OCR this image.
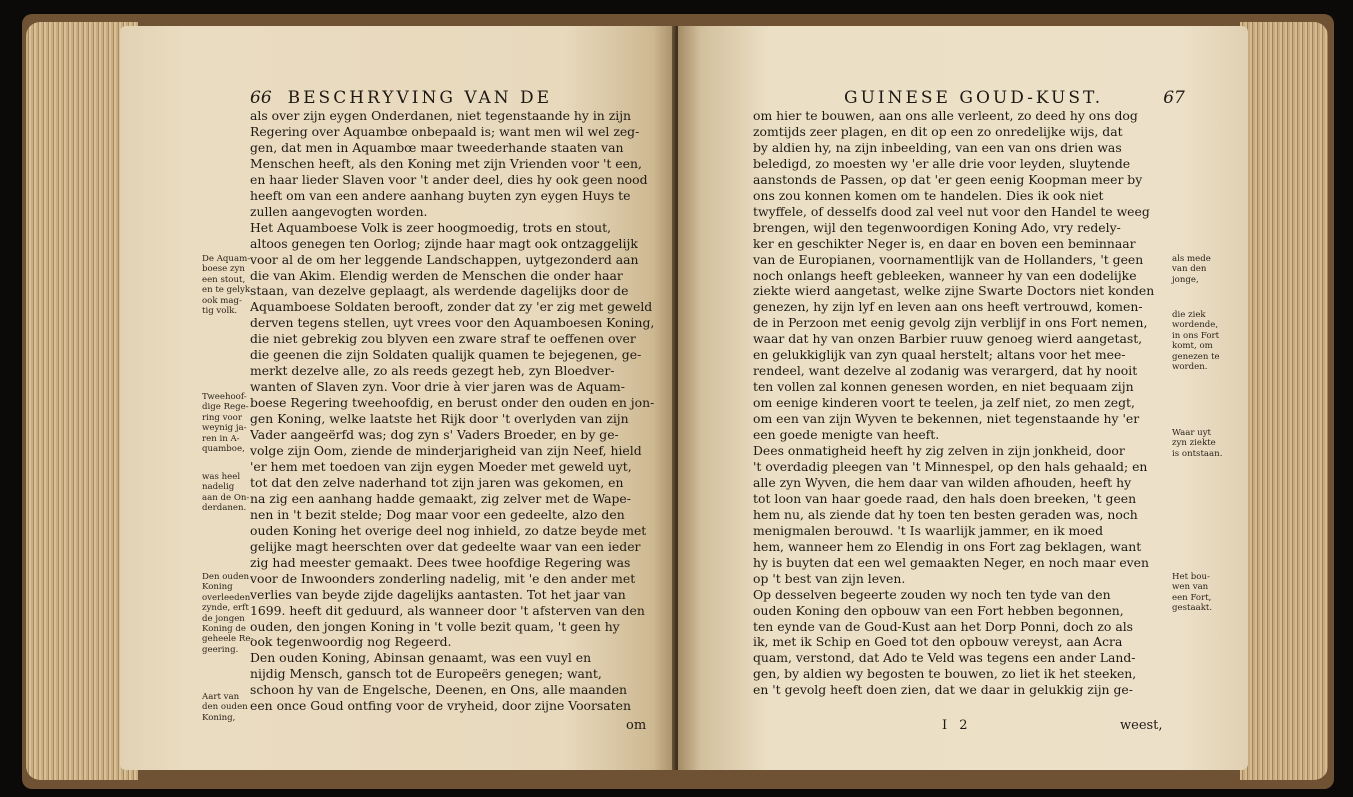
66 BESCHRYVING VAN DE
als over zijn eygen Onderdanen, niet tegenstaande hy in zijn
Regering over Aquambœ onbepaald is; want men wil wel zeg-
gen, dat men in Aquambœ maar tweederhande staaten van
Menschen heeft, als den Koning met zijn Vrienden voor 't een,
en haar lieder Slaven voor 't ander deel, dies hy ook geen nood
heeft om van een andere aanhang buyten zyn eygen Huys te
zullen aangevogten worden.
Het Aquamboese Volk is zeer hoogmoedig, trots en stout,
altoos genegen ten Oorlog; zijnde haar magt ook ontzaggelijk
voor al de om her leggende Landschappen, uytgezonderd aan
die van Akim. Elendig werden de Menschen die onder haar
staan, van dezelve geplaagt, als werdende dagelijks door de
Aquamboese Soldaten berooft, zonder dat zy 'er zig met geweld
derven tegens stellen, uyt vrees voor den Aquamboesen Koning,
die niet gebrekig zou blyven een zware straf te oeffenen over
die geenen die zijn Soldaten qualijk quamen te bejegenen, ge-
merkt dezelve alle, zo als reeds gezegt heb, zyn Bloedver-
wanten of Slaven zyn. Voor drie à vier jaren was de Aquam-
boese Regering tweehoofdig, en berust onder den ouden en jon-
gen Koning, welke laatste het Rijk door 't overlyden van zijn
Vader aangeërfd was; dog zyn s' Vaders Broeder, en by ge-
volge zijn Oom, ziende de minderjarigheid van zijn Neef, hield
'er hem met toedoen van zijn eygen Moeder met geweld uyt,
tot dat den zelve naderhand tot zijn jaren was gekomen, en
na zig een aanhang hadde gemaakt, zig zelver met de Wape-
nen in 't bezit stelde; Dog maar voor een gedeelte, alzo den
ouden Koning het overige deel nog inhield, zo datze beyde met
gelijke magt heerschten over dat gedeelte waar van een ieder
zig had meester gemaakt. Dees twee hoofdige Regering was
voor de Inwoonders zonderling nadelig, mit 'e den ander met
verlies van beyde zijde dagelijks aantasten. Tot het jaar van
1699. heeft dit geduurd, als wanneer door 't afsterven van den
ouden, den jongen Koning in 't volle bezit quam, 't geen hy
ook tegenwoordig nog Regeerd.
Den ouden Koning, Abinsan genaamt, was een vuyl en
nijdig Mensch, gansch tot de Europeërs genegen; want,
schoon hy van de Engelsche, Deenen, en Ons, alle maanden
een once Goud ontfing voor de vryheid, door zijne Voorsaten
om
De Aquam-
boese zyn
een stout,
en te gelyk
ook mag-
tig volk.
Tweehoof-
dige Rege-
ring voor
weynig ja-
ren in A-
quamboe,
was heel
nadelig
aan de On-
derdanen.
Den ouden
Koning
overleeden
zynde, erft
de jongen
Koning de
geheele Re-
geering.
Aart van
den ouden
Koning,
GUINESE GOUD-KUST.	67
om hier te bouwen, aan ons alle verleent, zo deed hy ons dog
zomtijds zeer plagen, en dit op een zo onredelijke wijs, dat
by aldien hy, na zijn inbeelding, van een van ons drien was
beledigd, zo moesten wy 'er alle drie voor leyden, sluytende
aanstonds de Passen, op dat 'er geen eenig Koopman meer by
ons zou konnen komen om te handelen. Dies ik ook niet
twyffele, of desselfs dood zal veel nut voor den Handel te weeg
brengen, wijl den tegenwoordigen Koning Ado, vry redely-
ker en geschikter Neger is, en daar en boven een beminnaar
van de Europianen, voornamentlijk van de Hollanders, 't geen
noch onlangs heeft gebleeken, wanneer hy van een dodelijke
ziekte wierd aangetast, welke zijne Swarte Doctors niet konden
genezen, hy zijn lyf en leven aan ons heeft vertrouwd, komen-
de in Perzoon met eenig gevolg zijn verblijf in ons Fort nemen,
waar dat hy van onzen Barbier ruuw genoeg wierd aangetast,
en gelukkiglijk van zyn quaal herstelt; altans voor het mee-
rendeel, want dezelve al zodanig was verargerd, dat hy nooit
ten vollen zal konnen genesen worden, en niet bequaam zijn
om eenige kinderen voort te teelen, ja zelf niet, zo men zegt,
om een van zijn Wyven te bekennen, niet tegenstaande hy 'er
een goede menigte van heeft.
Dees onmatigheid heeft hy zig zelven in zijn jonkheid, door
't overdadig pleegen van 't Minnespel, op den hals gehaald; en
alle zyn Wyven, die hem daar van wilden afhouden, heeft hy
tot loon van haar goede raad, den hals doen breeken, 't geen
hem nu, als ziende dat hy toen ten besten geraden was, noch
menigmalen berouwd. 't Is waarlijk jammer, en ik moed
hem, wanneer hem zo Elendig in ons Fort zag beklagen, want
hy is buyten dat een wel gemaakten Neger, en noch maar even
op 't best van zijn leven.
Op desselven begeerte zouden wy noch ten tyde van den
ouden Koning den opbouw van een Fort hebben begonnen,
ten eynde van de Goud-Kust aan het Dorp Ponni, doch zo als
ik, met ik Schip en Goed tot den opbouw vereyst, aan Acra
quam, verstond, dat Ado te Veld was tegens een ander Land-
gen, by aldien wy begosten te bouwen, zo liet ik het steeken,
en 't gevolg heeft doen zien, dat we daar in gelukkig zijn ge-
I 2	weest,
als mede
van den
jonge,
die ziek
wordende,
in ons Fort
komt, om
genezen te
worden.
Waar uyt
zyn ziekte
is ontstaan.
Het bou-
wen van
een Fort,
gestaakt.
